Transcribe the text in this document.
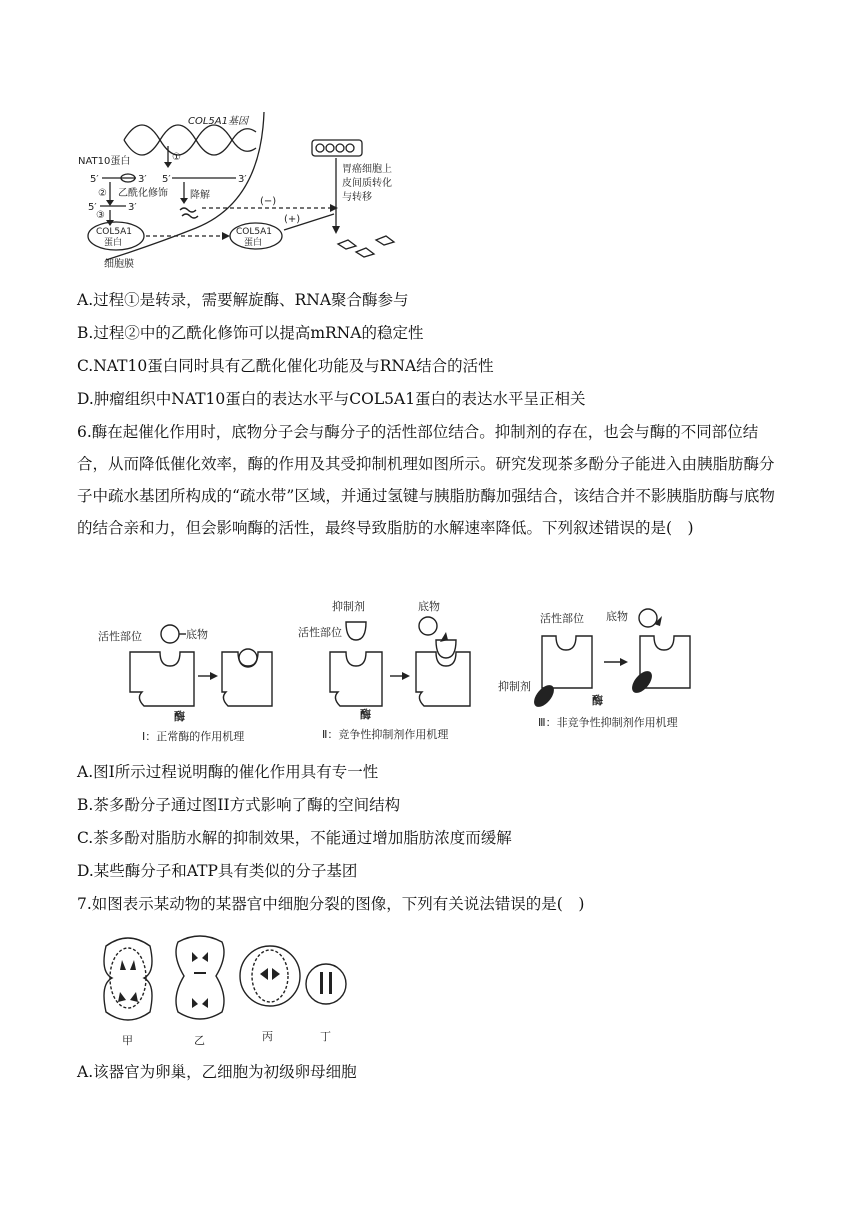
COL5A1基因
①
NAT10蛋白
5′	3′ 5′	3′
② 乙酰化修饰
5′	3′
③
降解
(−)
(+)
COL5A1
蛋白
COL5A1
蛋白
细胞膜
胃癌细胞上
皮间质转化
与转移
A.过程①是转录，需要解旋酶、RNA聚合酶参与
B.过程②中的乙酰化修饰可以提高mRNA的稳定性
C.NAT10蛋白同时具有乙酰化催化功能及与RNA结合的活性
D.肿瘤组织中NAT10蛋白的表达水平与COL5A1蛋白的表达水平呈正相关
6.酶在起催化作用时，底物分子会与酶分子的活性部位结合。抑制剂的存在，也会与酶的不同部位结合，从而降低催化效率，酶的作用及其受抑制机理如图所示。研究发现茶多酚分子能进入由胰脂肪酶分子中疏水基团所构成的“疏水带”区域，并通过氢键与胰脂肪酶加强结合，该结合并不影胰脂肪酶与底物的结合亲和力，但会影响酶的活性，最终导致脂肪的水解速率降低。下列叙述错误的是(　)
活性部位	底物
酶
Ⅰ：正常酶的作用机理
抑制剂
活性部位
底物
酶
Ⅱ：竞争性抑制剂作用机理
活性部位 底物
抑制剂
酶
Ⅲ：非竞争性抑制剂作用机理
A.图I所示过程说明酶的催化作用具有专一性
B.茶多酚分子通过图II方式影响了酶的空间结构
C.茶多酚对脂肪水解的抑制效果，不能通过增加脂肪浓度而缓解
D.某些酶分子和ATP具有类似的分子基团
7.如图表示某动物的某器官中细胞分裂的图像，下列有关说法错误的是(　)
甲	乙	丙	丁
A.该器官为卵巢，乙细胞为初级卵母细胞
